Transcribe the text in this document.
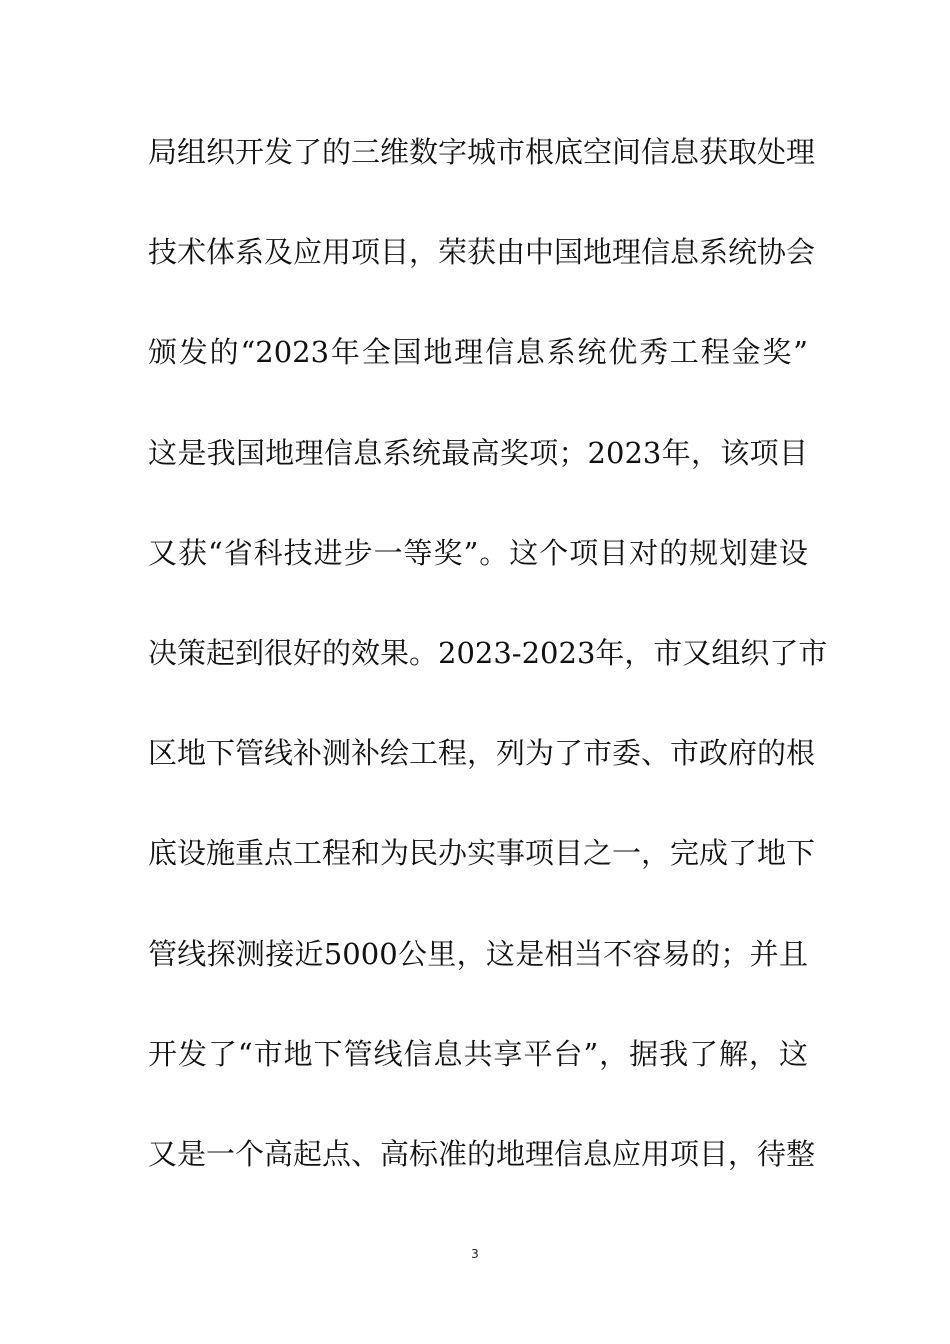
局组织开发了的三维数字城市根底空间信息获取处理
技术体系及应用项目，荣获由中国地理信息系统协会
颁发的“2023年全国地理信息系统优秀工程金奖”
这是我国地理信息系统最高奖项；2023年，该项目
又获“省科技进步一等奖”。这个项目对的规划建设
决策起到很好的效果。2023-2023年，市又组织了市
区地下管线补测补绘工程，列为了市委、市政府的根
底设施重点工程和为民办实事项目之一，完成了地下
管线探测接近5000公里，这是相当不容易的；并且
开发了“市地下管线信息共享平台”，据我了解，这
又是一个高起点、高标准的地理信息应用项目，待整
3
